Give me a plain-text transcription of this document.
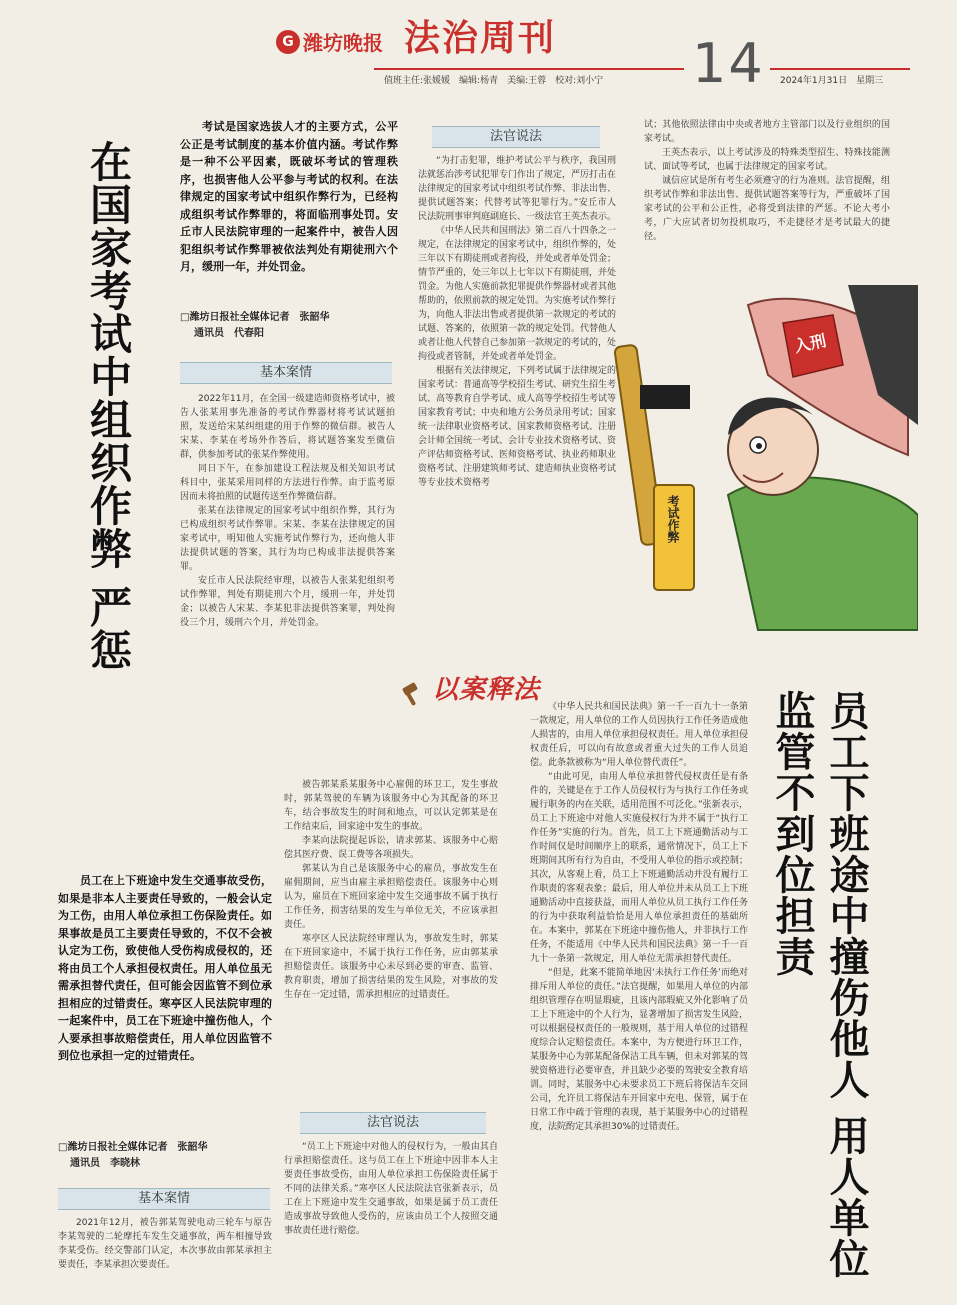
G 潍坊晚报 法治周刊
值班主任:张媛媛　编辑:杨青　美编:王蓉　校对:刘小宁 14 2024年1月31日　星期三
在国家考试中组织作弊 严惩
考试是国家选拔人才的主要方式，公平公正是考试制度的基本价值内涵。考试作弊是一种不公平因素，既破坏考试的管理秩序，也损害他人公平参与考试的权利。在法律规定的国家考试中组织作弊行为，已经构成组织考试作弊罪的，将面临刑事处罚。安丘市人民法院审理的一起案件中，被告人因犯组织考试作弊罪被依法判处有期徒刑六个月，缓刑一年，并处罚金。
□潍坊日报社全媒体记者　张韶华
通讯员　代春阳
基本案情

2022年11月，在全国一级建造师资格考试中，被告人张某用事先准备的考试作弊器材将考试试题拍照，发送给宋某纠组建的用于作弊的微信群。被告人宋某、李某在考场外作答后，将试题答案发至微信群，供参加考试的张某作弊使用。

同日下午，在参加建设工程法规及相关知识考试科目中，张某采用同样的方法进行作弊。由于监考原因而未将拍照的试题传送至作弊微信群。

张某在法律规定的国家考试中组织作弊，其行为已构成组织考试作弊罪。宋某、李某在法律规定的国家考试中，明知他人实施考试作弊行为，还向他人非法提供试题的答案，其行为均已构成非法提供答案罪。

安丘市人民法院经审理，以被告人张某犯组织考试作弊罪，判处有期徒刑六个月，缓刑一年，并处罚金；以被告人宋某、李某犯非法提供答案罪，判处拘役三个月，缓刑六个月，并处罚金。

法官说法

“为打击犯罪，维护考试公平与秩序，我国刑法就惩治涉考试犯罪专门作出了规定，严厉打击在法律规定的国家考试中组织考试作弊、非法出售、提供试题答案；代替考试等犯罪行为。”安丘市人民法院刑事审判庭副庭长、一级法官王英杰表示。

《中华人民共和国刑法》第二百八十四条之一规定，在法律规定的国家考试中，组织作弊的，处三年以下有期徒刑或者拘役，并处或者单处罚金；情节严重的，处三年以上七年以下有期徒刑，并处罚金。为他人实施前款犯罪提供作弊器材或者其他帮助的，依照前款的规定处罚。为实施考试作弊行为，向他人非法出售或者提供第一款规定的考试的试题、答案的，依照第一款的规定处罚。代替他人或者让他人代替自己参加第一款规定的考试的，处拘役或者管制，并处或者单处罚金。

根据有关法律规定，下列考试属于法律规定的国家考试：普通高等学校招生考试、研究生招生考试、高等教育自学考试、成人高等学校招生考试等国家教育考试；中央和地方公务员录用考试；国家统一法律职业资格考试、国家教师资格考试、注册会计师全国统一考试、会计专业技术资格考试、资产评估师资格考试、医师资格考试、执业药师职业资格考试、注册建筑师考试、建造师执业资格考试等专业技术资格考

试；其他依照法律由中央或者地方主管部门以及行业组织的国家考试。

王英杰表示，以上考试涉及的特殊类型招生、特殊技能测试、面试等考试，也属于法律规定的国家考试。

诚信应试是所有考生必须遵守的行为准则。法官提醒，组织考试作弊和非法出售、提供试题答案等行为，严重破坏了国家考试的公平和公正性，必将受到法律的严惩。不论大考小考，广大应试者切勿投机取巧，不走捷径才是考试最大的捷径。

入刑
考试作弊
以案释法	员工下班途中撞伤他人 用人单位监管不到位担责
员工在上下班途中发生交通事故受伤，如果是非本人主要责任导致的，一般会认定为工伤，由用人单位承担工伤保险责任。如果事故是员工主要责任导致的，不仅不会被认定为工伤，致使他人受伤构成侵权的，还将由员工个人承担侵权责任。用人单位虽无需承担替代责任，但可能会因监管不到位承担相应的过错责任。寒亭区人民法院审理的一起案件中，员工在下班途中撞伤他人，个人要承担事故赔偿责任，用人单位因监管不到位也承担一定的过错责任。
□潍坊日报社全媒体记者　张韶华
通讯员　李晓林
基本案情

2021年12月，被告郭某驾驶电动三轮车与原告李某驾驶的二轮摩托车发生交通事故，两车相撞导致李某受伤。经交警部门认定，本次事故由郭某承担主要责任，李某承担次要责任。

被告郭某系某服务中心雇佣的环卫工，发生事故时，郭某驾驶的车辆为该服务中心为其配备的环卫车，结合事故发生的时间和地点，可以认定郭某是在工作结束后，回家途中发生的事故。

李某向法院提起诉讼，请求郭某、该服务中心赔偿其医疗费、误工费等各项损失。

郭某认为自己是该服务中心的雇员，事故发生在雇佣期间，应当由雇主承担赔偿责任。该服务中心则认为，雇员在下班回家途中发生交通事故不属于执行工作任务，损害结果的发生与单位无关，不应该承担责任。

寒亭区人民法院经审理认为，事故发生时，郭某在下班回家途中，不属于执行工作任务，应由郭某承担赔偿责任。该服务中心未尽到必要的审查、监管、教育职责，增加了损害结果的发生风险，对事故的发生存在一定过错，需承担相应的过错责任。

法官说法

“员工上下班途中对他人的侵权行为，一般由其自行承担赔偿责任。这与员工在上下班途中因非本人主要责任事故受伤，由用人单位承担工伤保险责任属于不同的法律关系。”寒亭区人民法院法官张新表示，员工在上下班途中发生交通事故，如果是属于员工责任造成事故导致他人受伤的，应该由员工个人按照交通事故责任进行赔偿。

《中华人民共和国民法典》第一千一百九十一条第一款规定，用人单位的工作人员因执行工作任务造成他人损害的，由用人单位承担侵权责任。用人单位承担侵权责任后，可以向有故意或者重大过失的工作人员追偿。此条款被称为“用人单位替代责任”。

“由此可见，由用人单位承担替代侵权责任是有条件的，关键是在于工作人员侵权行为与执行工作任务或履行职务的内在关联，适用范围不可泛化。”张新表示，员工上下班途中对他人实施侵权行为并不属于“执行工作任务”实施的行为。首先，员工上下班通勤活动与工作时间仅是时间顺序上的联系，通常情况下，员工上下班期间其所有行为自由，不受用人单位的指示或控制；其次，从客观上看，员工上下班通勤活动并没有履行工作职责的客观表象；最后，用人单位并未从员工上下班通勤活动中直接获益，而用人单位从员工执行工作任务的行为中获取利益恰恰是用人单位承担责任的基础所在。本案中，郭某在下班途中撞伤他人，并非执行工作任务，不能适用《中华人民共和国民法典》第一千一百九十一条第一款规定，用人单位无需承担替代责任。

“但是，此案不能简单地因‘未执行工作任务’而绝对排斥用人单位的责任。”法官提醒，如果用人单位的内部组织管理存在明显瑕疵，且该内部瑕疵又外化影响了员工上下班途中的个人行为，显著增加了损害发生风险，可以根据侵权责任的一般规则，基于用人单位的过错程度综合认定赔偿责任。本案中，为方便进行环卫工作，某服务中心为郭某配备保洁工具车辆，但未对郭某的驾驶资格进行必要审查，并且缺少必要的驾驶安全教育培训。同时，某服务中心未要求员工下班后将保洁车交回公司，允许员工将保洁车开回家中充电、保管，属于在日常工作中疏于管理的表现，基于某服务中心的过错程度，法院酌定其承担30%的过错责任。
